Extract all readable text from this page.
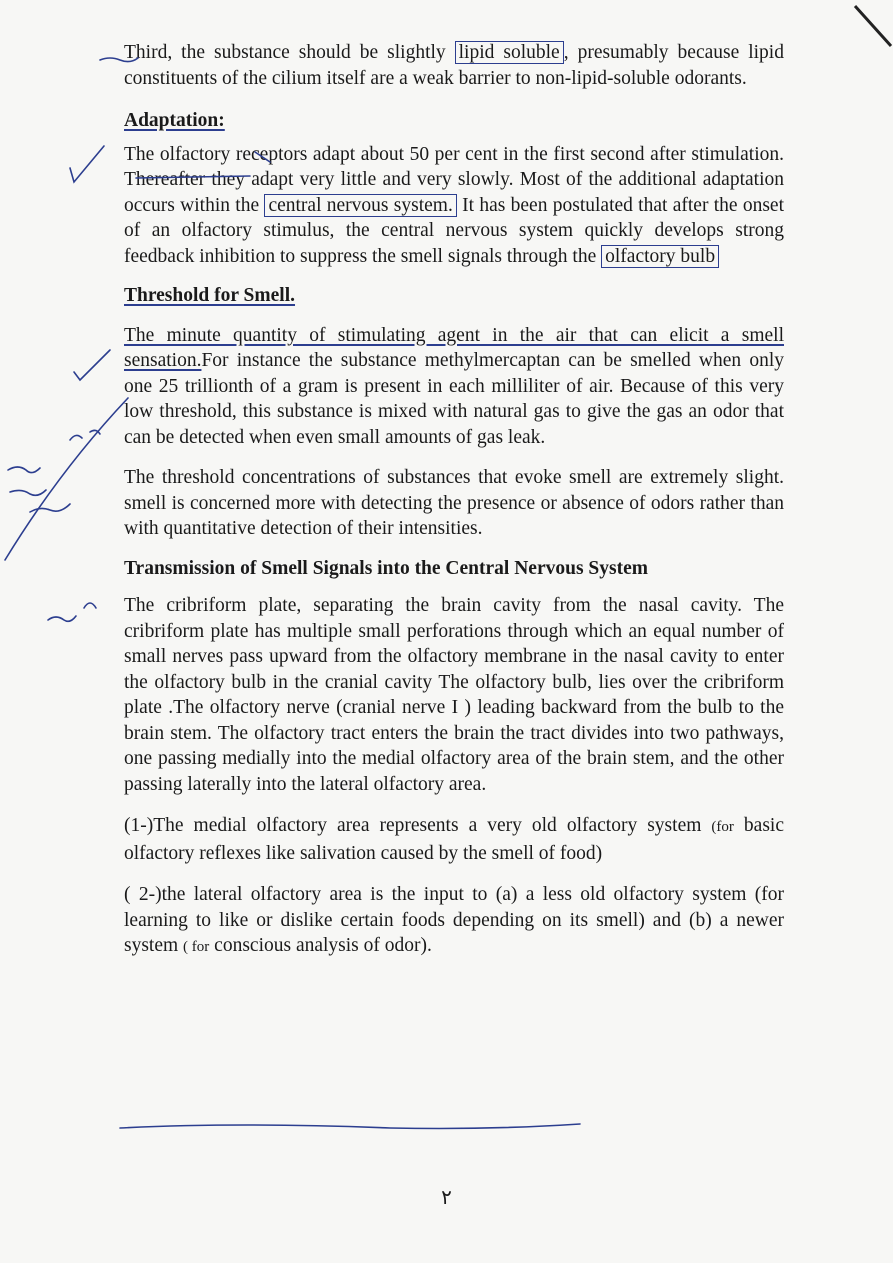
Third, the substance should be slightly lipid soluble , presumably because lipid constituents of the cilium itself are a weak barrier to non-lipid-soluble odorants.

Adaptation:

The olfactory receptors adapt about 50 per cent in the first second after stimulation. Thereafter they adapt very little and very slowly. Most of the additional adaptation occurs within the central nervous system. It has been postulated that after the onset of an olfactory stimulus, the central nervous system quickly develops strong feedback inhibition to suppress the smell signals through the olfactory bulb

Threshold for Smell.

The minute quantity of stimulating agent in the air that can elicit a smell sensation.For instance the substance methylmercaptan can be smelled when only one 25 trillionth of a gram is present in each milliliter of air. Because of this very low threshold, this substance is mixed with natural gas to give the gas an odor that can be detected when even small amounts of gas leak.

The threshold concentrations of substances that evoke smell are extremely slight. smell is concerned more with detecting the presence or absence of odors rather than with quantitative detection of their intensities.

Transmission of Smell Signals into the Central Nervous System

The cribriform plate, separating the brain cavity from the nasal cavity. The cribriform plate has multiple small perforations through which an equal number of small nerves pass upward from the olfactory membrane in the nasal cavity to enter the olfactory bulb in the cranial cavity The olfactory bulb, lies over the cribriform plate .The olfactory nerve (cranial nerve I ) leading backward from the bulb to the brain stem. The olfactory tract enters the brain the tract divides into two pathways, one passing medially into the medial olfactory area of the brain stem, and the other passing laterally into the lateral olfactory area.

(1-)The medial olfactory area represents a very old olfactory system (for basic olfactory reflexes like salivation caused by the smell of food)

( 2-)the lateral olfactory area is the input to (a) a less old olfactory system (for learning to like or dislike certain foods depending on its smell) and (b) a newer system ( for conscious analysis of odor).

٢
